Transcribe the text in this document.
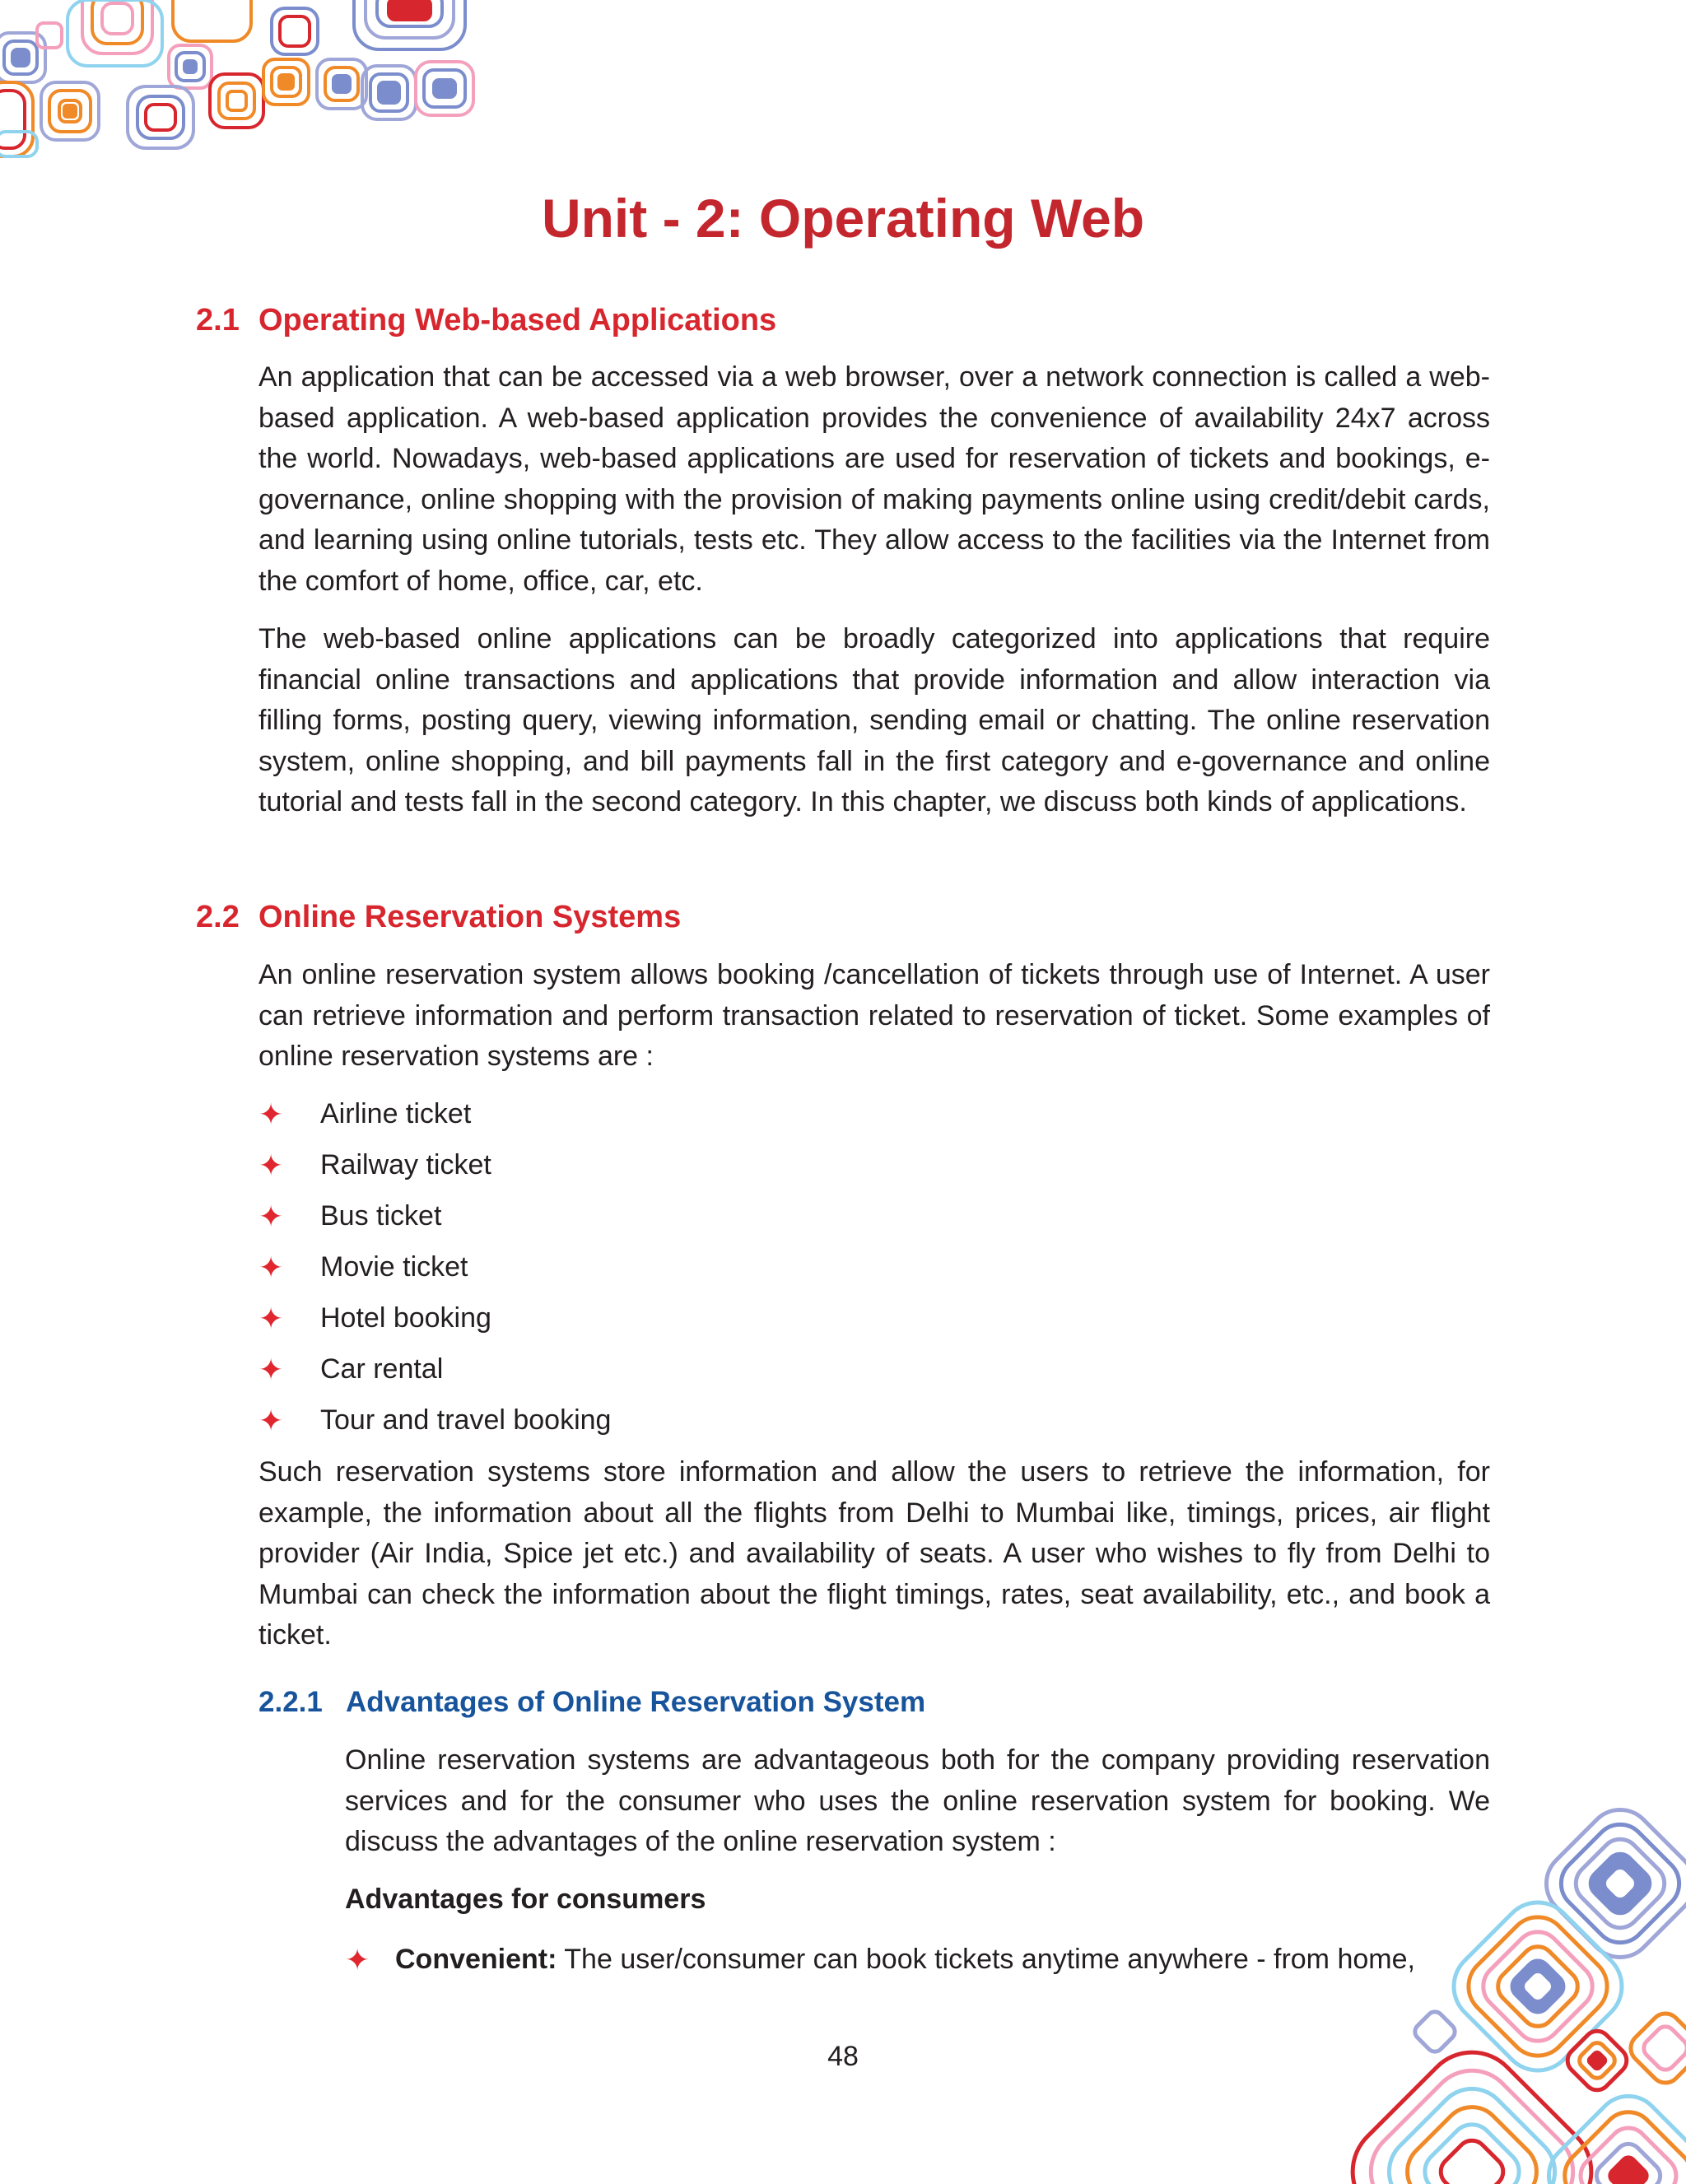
Unit - 2: Operating Web
2.1 Operating Web-based Applications

An application that can be accessed via a web browser, over a network connection is called a web-based application. A web-based application provides the convenience of availability 24x7 across the world. Nowadays, web-based applications are used for reservation of tickets and bookings, e-governance, online shopping with the provision of making payments online using credit/debit cards, and learning using online tutorials, tests etc. They allow access to the facilities via the Internet from the comfort of home, office, car, etc.

The web-based online applications can be broadly categorized into applications that require financial online transactions and applications that provide information and allow interaction via filling forms, posting query, viewing information, sending email or chatting. The online reservation system, online shopping, and bill payments fall in the first category and e-governance and online tutorial and tests fall in the second category. In this chapter, we discuss both kinds of applications.

2.2 Online Reservation Systems

An online reservation system allows booking /cancellation of tickets through use of Internet. A user can retrieve information and perform transaction related to reservation of ticket. Some examples of online reservation systems are :

✦	Airline ticket
✦	Railway ticket
✦	Bus ticket
✦	Movie ticket
✦	Hotel booking
✦	Car rental
✦	Tour and travel booking

Such reservation systems store information and allow the users to retrieve the information, for example, the information about all the flights from Delhi to Mumbai like, timings, prices, air flight provider (Air India, Spice jet etc.) and availability of seats. A user who wishes to fly from Delhi to Mumbai can check the information about the flight timings, rates, seat availability, etc., and book a ticket.

2.2.1 Advantages of Online Reservation System

Online reservation systems are advantageous both for the company providing reservation services and for the consumer who uses the online reservation system for booking. We discuss the advantages of the online reservation system :

Advantages for consumers

✦ Convenient: The user/consumer can book tickets anytime anywhere - from home,

48
